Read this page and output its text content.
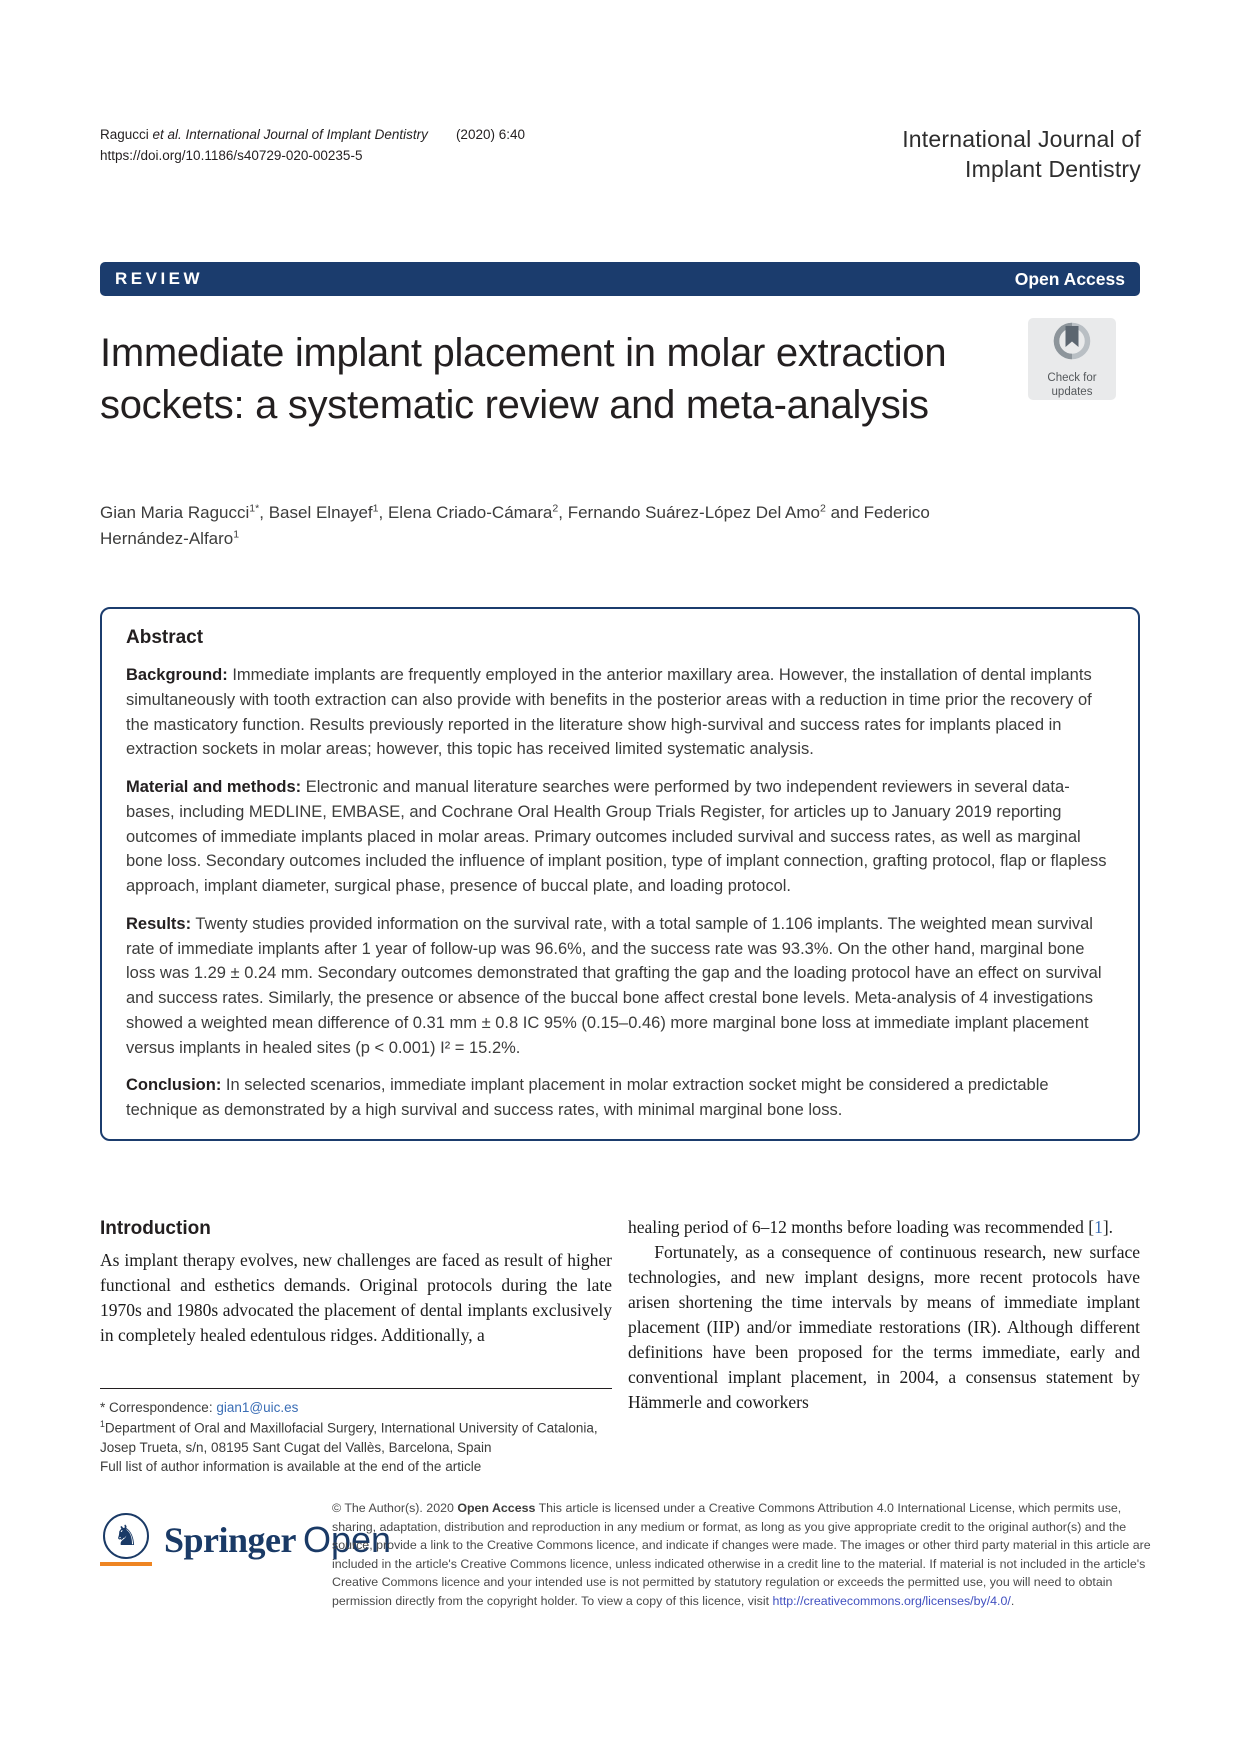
Ragucci et al. International Journal of Implant Dentistry (2020) 6:40
https://doi.org/10.1186/s40729-020-00235-5
International Journal of
Implant Dentistry
REVIEW	Open Access
Immediate implant placement in molar extraction sockets: a systematic review and meta-analysis
Check for
updates
Gian Maria Ragucci$^{1*}$, Basel Elnayef$^1$, Elena Criado-Cámara$^2$, Fernando Suárez-López Del Amo$^2$ and Federico Hernández-Alfaro$^1$
Abstract

Background: Immediate implants are frequently employed in the anterior maxillary area. However, the installation of dental implants simultaneously with tooth extraction can also provide with benefits in the posterior areas with a reduction in time prior the recovery of the masticatory function. Results previously reported in the literature show high-survival and success rates for implants placed in extraction sockets in molar areas; however, this topic has received limited systematic analysis.

Material and methods: Electronic and manual literature searches were performed by two independent reviewers in several data-bases, including MEDLINE, EMBASE, and Cochrane Oral Health Group Trials Register, for articles up to January 2019 reporting outcomes of immediate implants placed in molar areas. Primary outcomes included survival and success rates, as well as marginal bone loss. Secondary outcomes included the influence of implant position, type of implant connection, grafting protocol, flap or flapless approach, implant diameter, surgical phase, presence of buccal plate, and loading protocol.

Results: Twenty studies provided information on the survival rate, with a total sample of 1.106 implants. The weighted mean survival rate of immediate implants after 1 year of follow-up was 96.6%, and the success rate was 93.3%. On the other hand, marginal bone loss was 1.29 ± 0.24 mm. Secondary outcomes demonstrated that grafting the gap and the loading protocol have an effect on survival and success rates. Similarly, the presence or absence of the buccal bone affect crestal bone levels. Meta-analysis of 4 investigations showed a weighted mean difference of 0.31 mm ± 0.8 IC 95% (0.15–0.46) more marginal bone loss at immediate implant placement versus implants in healed sites (p < 0.001) I² = 15.2%.

Conclusion: In selected scenarios, immediate implant placement in molar extraction socket might be considered a predictable technique as demonstrated by a high survival and success rates, with minimal marginal bone loss.

Introduction

As implant therapy evolves, new challenges are faced as result of higher functional and esthetics demands. Original protocols during the late 1970s and 1980s advocated the placement of dental implants exclusively in completely healed edentulous ridges. Additionally, a

healing period of 6–12 months before loading was recommended [1].

Fortunately, as a consequence of continuous research, new surface technologies, and new implant designs, more recent protocols have arisen shortening the time intervals by means of immediate implant placement (IIP) and/or immediate restorations (IR). Although different definitions have been proposed for the terms immediate, early and conventional implant placement, in 2004, a consensus statement by Hämmerle and coworkers

* Correspondence: gian1@uic.es
$^1$Department of Oral and Maxillofacial Surgery, International University of Catalonia, Josep Trueta, s/n, 08195 Sant Cugat del Vallès, Barcelona, Spain
Full list of author information is available at the end of the article
♞ Springer Open
© The Author(s). 2020 Open Access This article is licensed under a Creative Commons Attribution 4.0 International License, which permits use, sharing, adaptation, distribution and reproduction in any medium or format, as long as you give appropriate credit to the original author(s) and the source, provide a link to the Creative Commons licence, and indicate if changes were made. The images or other third party material in this article are included in the article's Creative Commons licence, unless indicated otherwise in a credit line to the material. If material is not included in the article's Creative Commons licence and your intended use is not permitted by statutory regulation or exceeds the permitted use, you will need to obtain permission directly from the copyright holder. To view a copy of this licence, visit http://creativecommons.org/licenses/by/4.0/.
